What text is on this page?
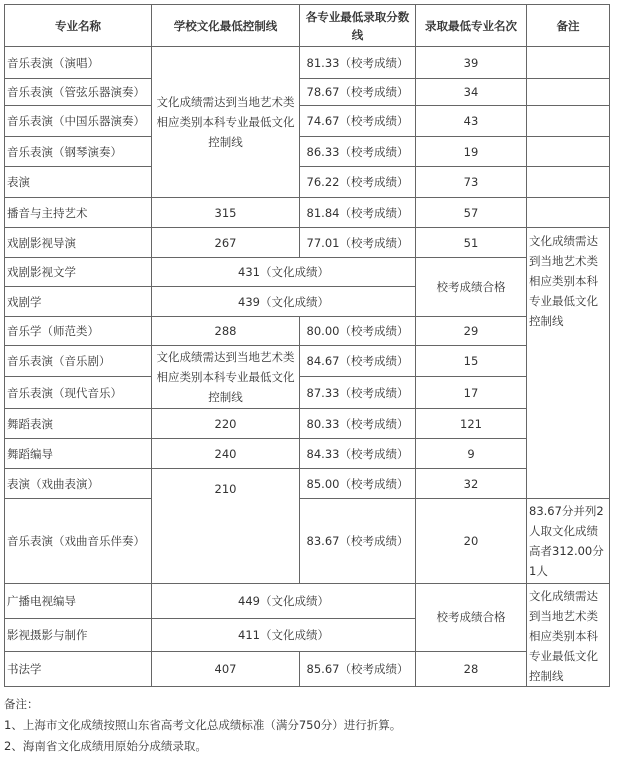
专业名称	学校文化最低控制线	各专业最低录取分数线	录取最低专业名次	备注
音乐表演（演唱）	文化成绩需达到当地艺术类相应类别本科专业最低文化控制线	81.33（校考成绩）	39	
音乐表演（管弦乐器演奏）		78.67（校考成绩）	34	
音乐表演（中国乐器演奏）		74.67（校考成绩）	43	
音乐表演（钢琴演奏）		86.33（校考成绩）	19	
表演		76.22（校考成绩）	73	
播音与主持艺术	315	81.84（校考成绩）	57	
戏剧影视导演	267	77.01（校考成绩）	51	文化成绩需达到当地艺术类相应类别本科专业最低文化控制线
戏剧影视文学	431（文化成绩）		校考成绩合格	
戏剧学	439（文化成绩）			
音乐学（师范类）	288	80.00（校考成绩）	29	
音乐表演（音乐剧）	文化成绩需达到当地艺术类相应类别本科专业最低文化控制线	84.67（校考成绩）	15	
音乐表演（现代音乐）		87.33（校考成绩）	17	
舞蹈表演	220	80.33（校考成绩）	121	
舞蹈编导	240	84.33（校考成绩）	9	
表演（戏曲表演）	210	85.00（校考成绩）	32	
音乐表演（戏曲音乐伴奏）		83.67（校考成绩）	20	83.67分并列2人取文化成绩高者312.00分1人
广播电视编导	449（文化成绩）		校考成绩合格	文化成绩需达到当地艺术类相应类别本科专业最低文化控制线
影视摄影与制作	411（文化成绩）			
书法学	407	85.67（校考成绩）	28	
备注：
1、上海市文化成绩按照山东省高考文化总成绩标准（满分750分）进行折算。
2、海南省文化成绩用原始分成绩录取。
